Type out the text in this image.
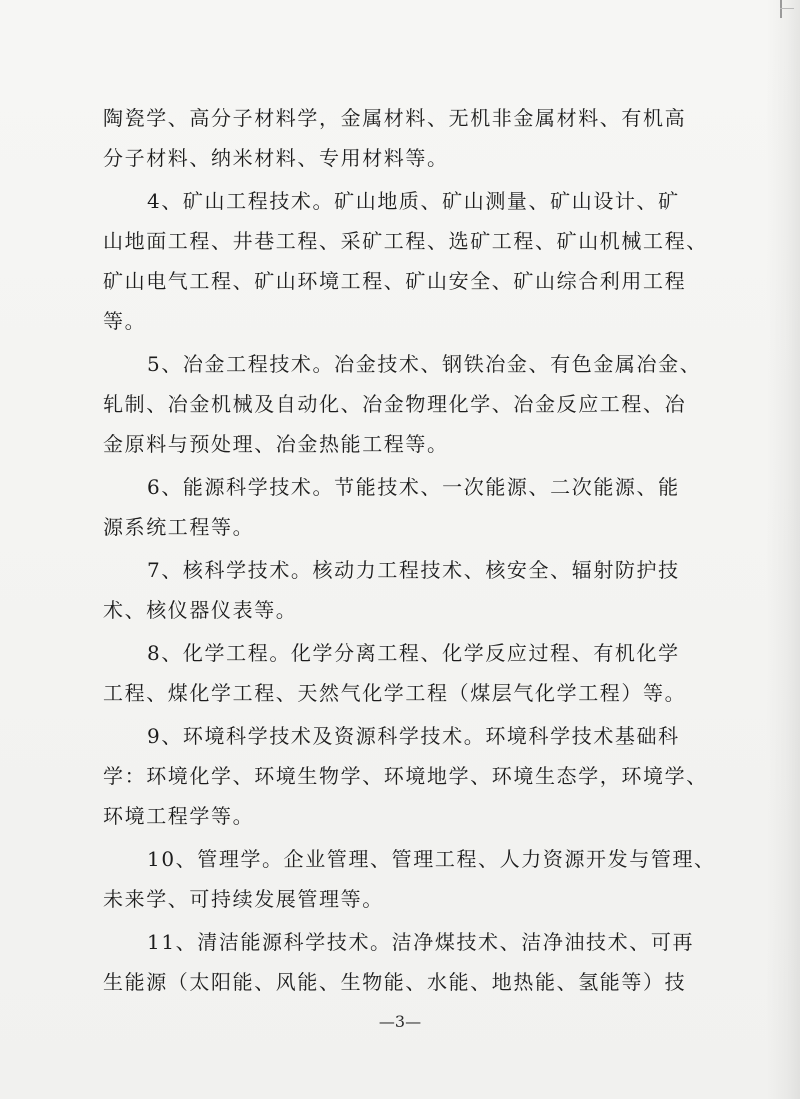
陶瓷学、高分子材料学，金属材料、无机非金属材料、有机高
分子材料、纳米材料、专用材料等。
4、矿山工程技术。矿山地质、矿山测量、矿山设计、矿
山地面工程、井巷工程、采矿工程、选矿工程、矿山机械工程、
矿山电气工程、矿山环境工程、矿山安全、矿山综合利用工程
等。
5、冶金工程技术。冶金技术、钢铁冶金、有色金属冶金、
轧制、冶金机械及自动化、冶金物理化学、冶金反应工程、冶
金原料与预处理、冶金热能工程等。
6、能源科学技术。节能技术、一次能源、二次能源、能
源系统工程等。
7、核科学技术。核动力工程技术、核安全、辐射防护技
术、核仪器仪表等。
8、化学工程。化学分离工程、化学反应过程、有机化学
工程、煤化学工程、天然气化学工程（煤层气化学工程）等。
9、环境科学技术及资源科学技术。环境科学技术基础科
学：环境化学、环境生物学、环境地学、环境生态学，环境学、
环境工程学等。
10、管理学。企业管理、管理工程、人力资源开发与管理、
未来学、可持续发展管理等。
11、清洁能源科学技术。洁净煤技术、洁净油技术、可再
生能源（太阳能、风能、生物能、水能、地热能、氢能等）技
—3—
